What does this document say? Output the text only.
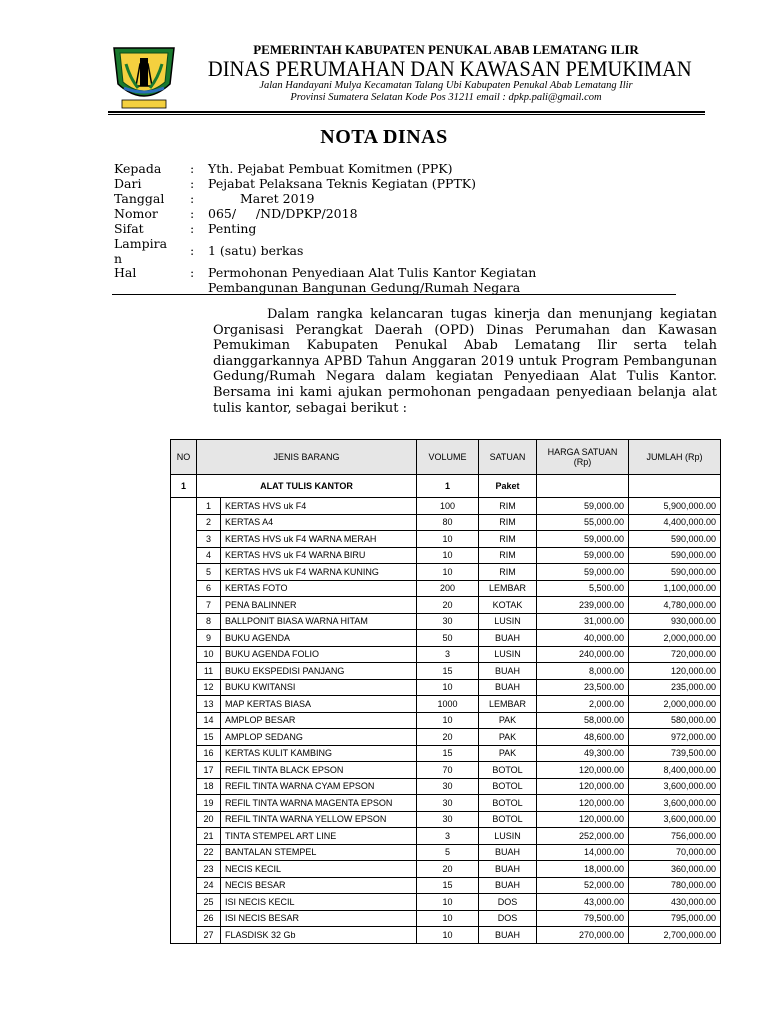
PEMERINTAH KABUPATEN PENUKAL ABAB LEMATANG ILIR
DINAS PERUMAHAN DAN KAWASAN PEMUKIMAN
Jalan Handayani Mulya Kecamatan Talang Ubi Kabupaten Penukal Abab Lematang Ilir
Provinsi Sumatera Selatan Kode Pos 31211 email : dpkp.pali@gmail.com
NOTA DINAS
Kepada	: Yth. Pejabat Pembuat Komitmen (PPK)
Dari	: Pejabat Pelaksana Teknis Kegiatan (PPTK)
Tanggal	:	Maret 2019
Nomor	: 065/     /ND/DPKP/2018
Sifat	: Penting
Lampira
n	: 1 (satu) berkas
Hal	: Permohonan Penyediaan Alat Tulis Kantor Kegiatan
Pembangunan Bangunan Gedung/Rumah Negara
Dalam rangka kelancaran tugas kinerja dan menunjang kegiatan Organisasi Perangkat Daerah (OPD) Dinas Perumahan dan Kawasan Pemukiman Kabupaten Penukal Abab Lematang Ilir serta telah dianggarkannya APBD Tahun Anggaran 2019 untuk Program Pembangunan Gedung/Rumah Negara dalam kegiatan Penyediaan Alat Tulis Kantor. Bersama ini kami ajukan permohonan pengadaan penyediaan belanja alat tulis kantor, sebagai berikut :
NO	JENIS BARANG		VOLUME	SATUAN	HARGA SATUAN (Rp)	JUMLAH (Rp)
1	ALAT TULIS KANTOR		1	Paket		
	1	KERTAS HVS uk F4	100	RIM	59,000.00	5,900,000.00
	2	KERTAS A4	80	RIM	55,000.00	4,400,000.00
	3	KERTAS HVS uk F4 WARNA MERAH	10	RIM	59,000.00	590,000.00
	4	KERTAS HVS uk F4 WARNA BIRU	10	RIM	59,000.00	590,000.00
	5	KERTAS HVS uk F4 WARNA KUNING	10	RIM	59,000.00	590,000.00
	6	KERTAS FOTO	200	LEMBAR	5,500.00	1,100,000.00
	7	PENA BALINNER	20	KOTAK	239,000.00	4,780,000.00
	8	BALLPONIT BIASA WARNA HITAM	30	LUSIN	31,000.00	930,000.00
	9	BUKU AGENDA	50	BUAH	40,000.00	2,000,000.00
	10	BUKU AGENDA FOLIO	3	LUSIN	240,000.00	720,000.00
	11	BUKU EKSPEDISI PANJANG	15	BUAH	8,000.00	120,000.00
	12	BUKU KWITANSI	10	BUAH	23,500.00	235,000.00
	13	MAP KERTAS BIASA	1000	LEMBAR	2,000.00	2,000,000.00
	14	AMPLOP BESAR	10	PAK	58,000.00	580,000.00
	15	AMPLOP SEDANG	20	PAK	48,600.00	972,000.00
	16	KERTAS KULIT KAMBING	15	PAK	49,300.00	739,500.00
	17	REFIL TINTA BLACK EPSON	70	BOTOL	120,000.00	8,400,000.00
	18	REFIL TINTA WARNA CYAM EPSON	30	BOTOL	120,000.00	3,600,000.00
	19	REFIL TINTA WARNA MAGENTA EPSON	30	BOTOL	120,000.00	3,600,000.00
	20	REFIL TINTA WARNA YELLOW EPSON	30	BOTOL	120,000.00	3,600,000.00
	21	TINTA STEMPEL ART LINE	3	LUSIN	252,000.00	756,000.00
	22	BANTALAN STEMPEL	5	BUAH	14,000.00	70,000.00
	23	NECIS KECIL	20	BUAH	18,000.00	360,000.00
	24	NECIS BESAR	15	BUAH	52,000.00	780,000.00
	25	ISI NECIS KECIL	10	DOS	43,000.00	430,000.00
	26	ISI NECIS BESAR	10	DOS	79,500.00	795,000.00
	27	FLASDISK 32 Gb	10	BUAH	270,000.00	2,700,000.00
